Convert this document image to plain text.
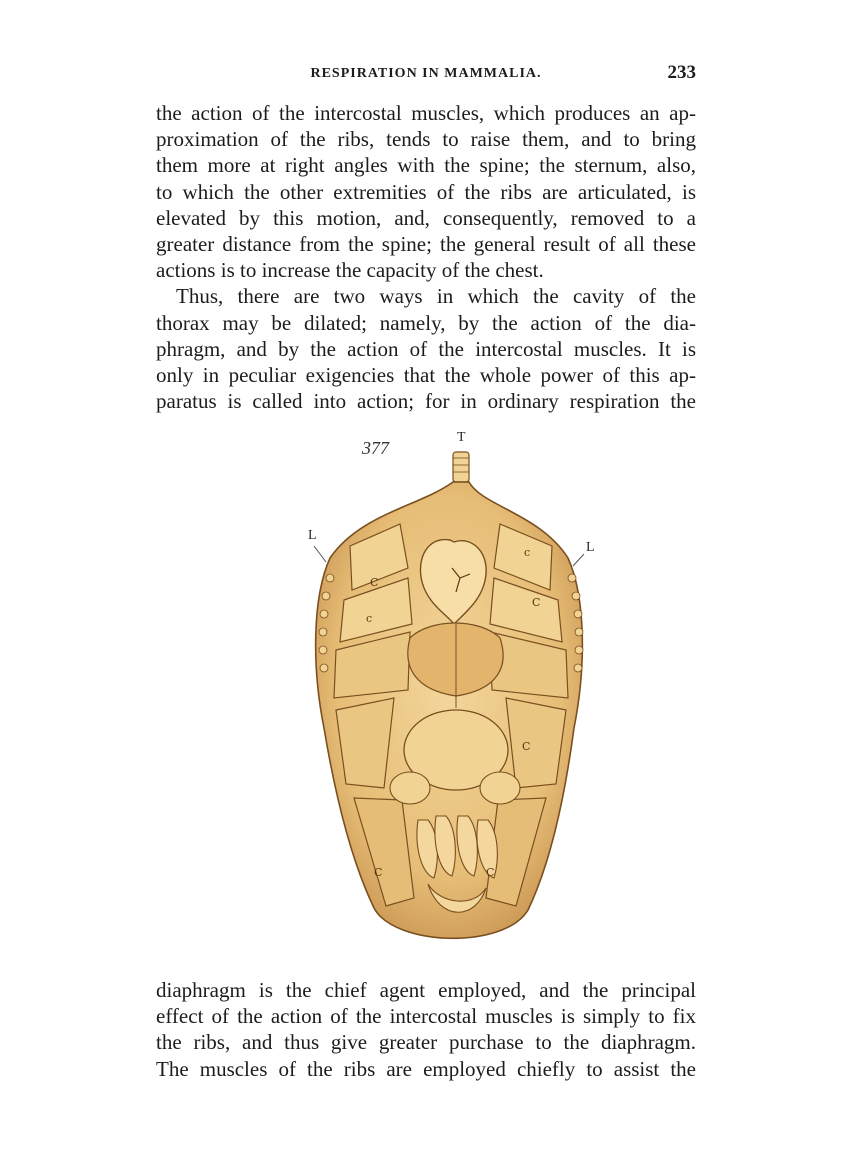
RESPIRATION IN MAMMALIA.	233
the action of the intercostal muscles, which produces an ap-
proximation of the ribs, tends to raise them, and to bring
them more at right angles with the spine; the sternum, also,
to which the other extremities of the ribs are articulated, is
elevated by this motion, and, consequently, removed to a
greater distance from the spine; the general result of all these
actions is to increase the capacity of the chest.
Thus, there are two ways in which the cavity of the
thorax may be dilated; namely, by the action of the dia-
phragm, and by the action of the intercostal muscles. It is
only in peculiar exigencies that the whole power of this ap-
paratus is called into action; for in ordinary respiration the
377
T
L
L
C
c
c
C
C
C	C
diaphragm is the chief agent employed, and the principal
effect of the action of the intercostal muscles is simply to fix
the ribs, and thus give greater purchase to the diaphragm.
The muscles of the ribs are employed chiefly to assist the
